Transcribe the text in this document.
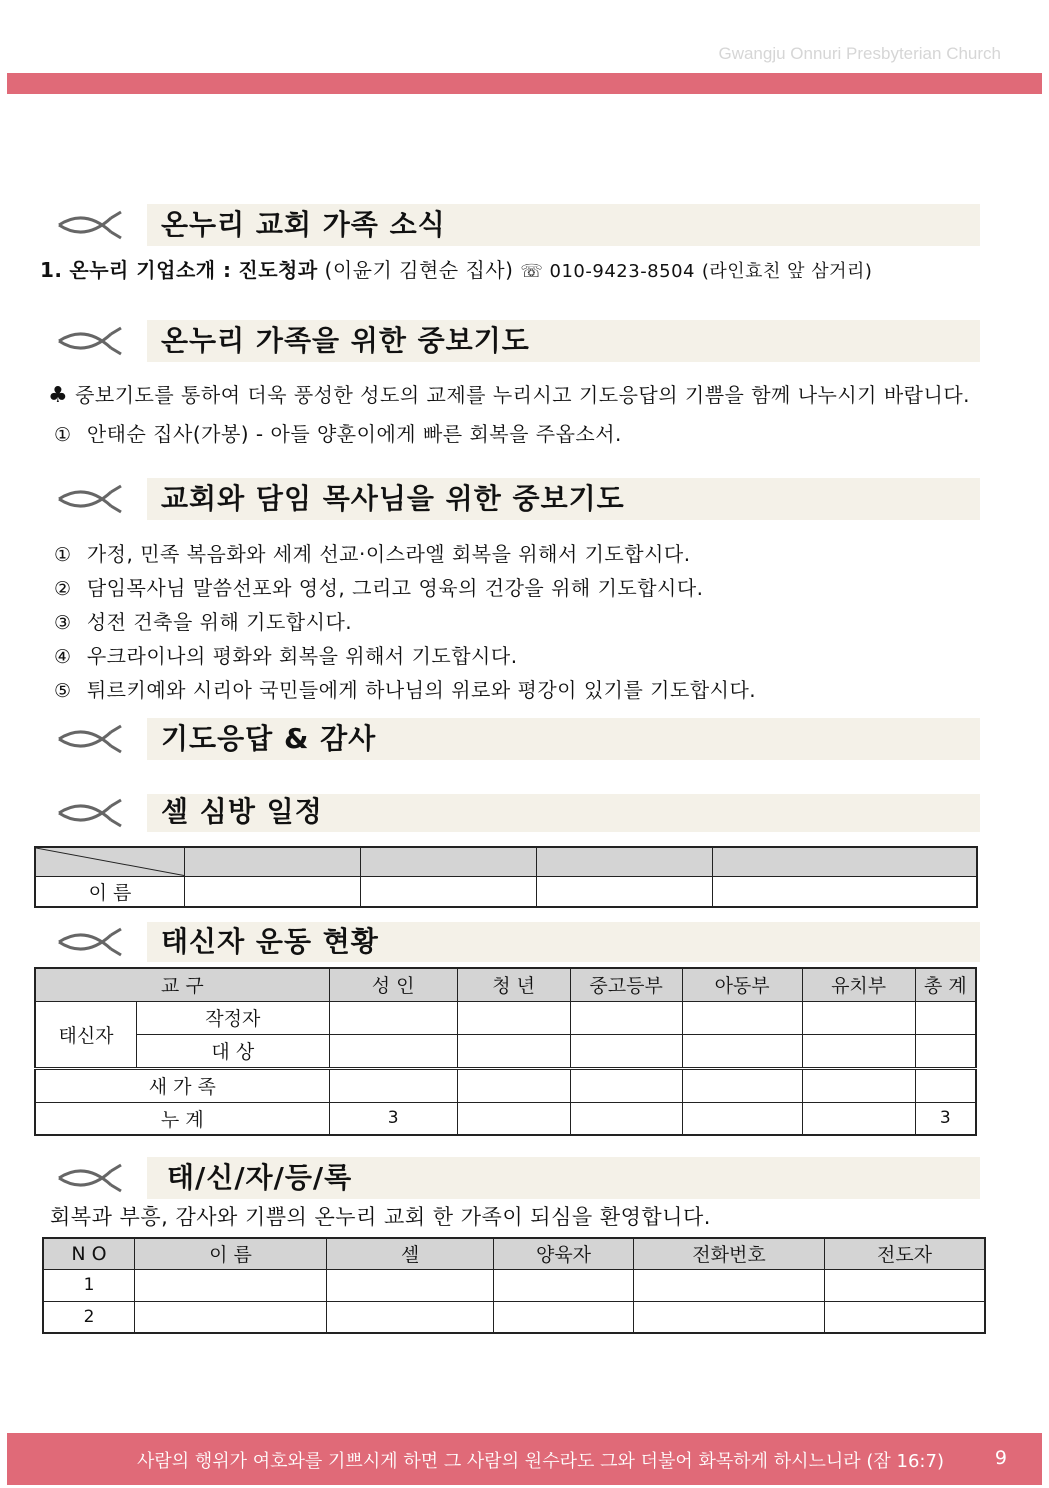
Gwangju Onnuri Presbyterian Church
온누리 교회 가족 소식
1. 온누리 기업소개 : 진도청과 (이윤기 김현순 집사) ☏ 010-9423-8504 (라인효친 앞 삼거리)
온누리 가족을 위한 중보기도
♣ 중보기도를 통하여 더욱 풍성한 성도의 교제를 누리시고 기도응답의 기쁨을 함께 나누시기 바랍니다.
① 안태순 집사(가봉) - 아들 양훈이에게 빠른 회복을 주옵소서.
교회와 담임 목사님을 위한 중보기도
① 가정, 민족 복음화와 세계 선교·이스라엘 회복을 위해서 기도합시다.
② 담임목사님 말씀선포와 영성, 그리고 영육의 건강을 위해 기도합시다.
③ 성전 건축을 위해 기도합시다.
④ 우크라이나의 평화와 회복을 위해서 기도합시다.
⑤ 튀르키예와 시리아 국민들에게 하나님의 위로와 평강이 있기를 기도합시다.
기도응답 & 감사
셀 심방 일정

이 름				
태신자 운동 현황
교 구		성 인	청 년	중고등부	아동부	유치부	총 계
태신자	작정자						
	대 상						
새 가 족							
누 계		3					3
태/신/자/등/록
회복과 부흥, 감사와 기쁨의 온누리 교회 한 가족이 되심을 환영합니다.
N O	이 름	셀	양육자	전화번호	전도자
1					
2					
사람의 행위가 여호와를 기쁘시게 하면 그 사람의 원수라도 그와 더불어 화목하게 하시느니라 (잠 16:7)	9
